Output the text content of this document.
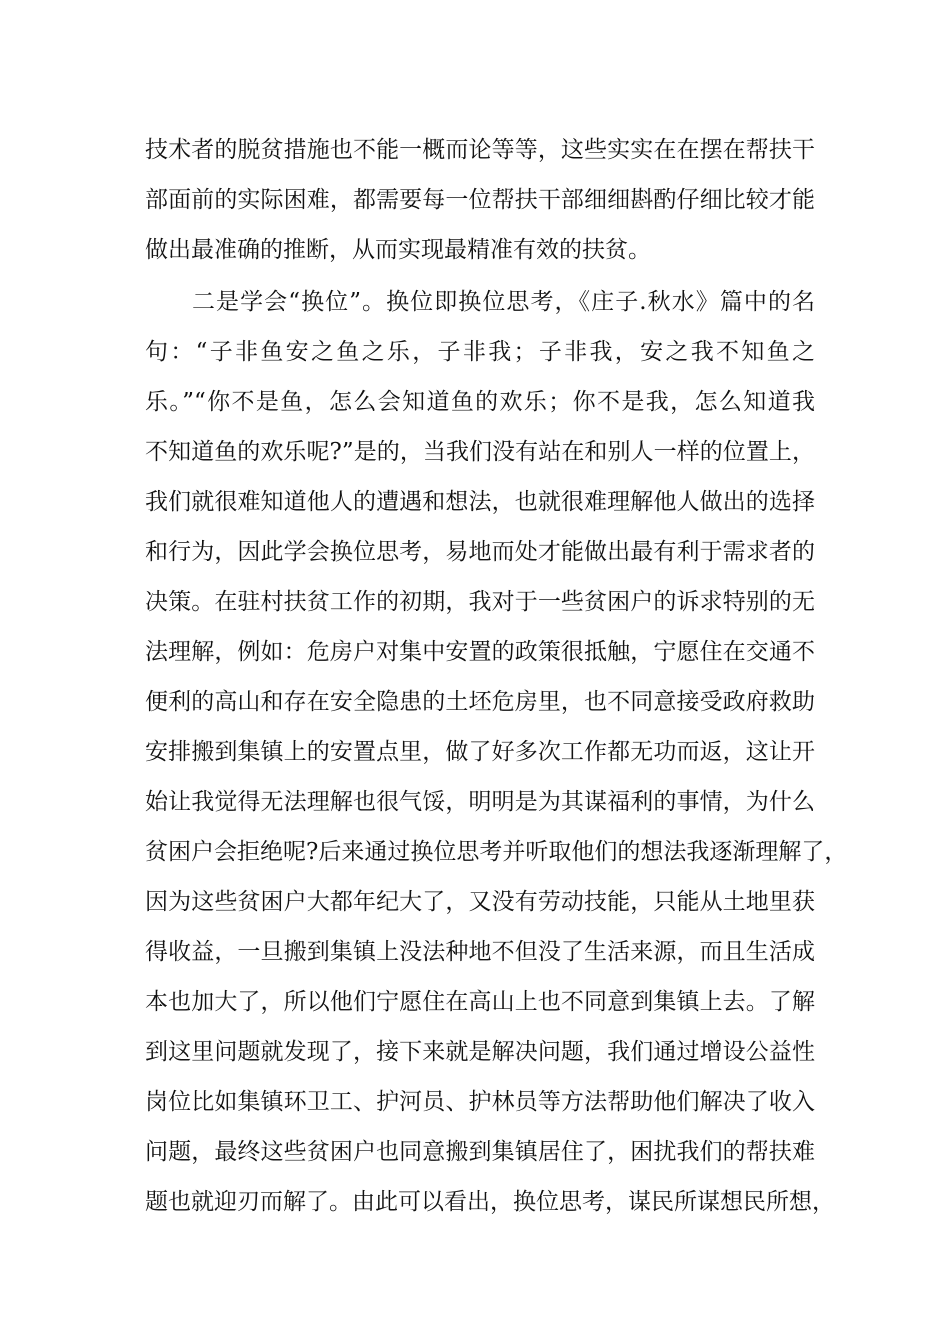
技术者的脱贫措施也不能一概而论等等，这些实实在在摆在帮扶干
部面前的实际困难，都需要每一位帮扶干部细细斟酌仔细比较才能
做出最准确的推断，从而实现最精准有效的扶贫。
二是学会“换位”。换位即换位思考，《庄子.秋水》篇中的名
句：“子非鱼安之鱼之乐，子非我；子非我，安之我不知鱼之
乐。”“你不是鱼，怎么会知道鱼的欢乐；你不是我，怎么知道我
不知道鱼的欢乐呢?”是的，当我们没有站在和别人一样的位置上，
我们就很难知道他人的遭遇和想法，也就很难理解他人做出的选择
和行为，因此学会换位思考，易地而处才能做出最有利于需求者的
决策。在驻村扶贫工作的初期，我对于一些贫困户的诉求特别的无
法理解，例如：危房户对集中安置的政策很抵触，宁愿住在交通不
便利的高山和存在安全隐患的土坯危房里，也不同意接受政府救助
安排搬到集镇上的安置点里，做了好多次工作都无功而返，这让开
始让我觉得无法理解也很气馁，明明是为其谋福利的事情，为什么
贫困户会拒绝呢?后来通过换位思考并听取他们的想法我逐渐理解了，
因为这些贫困户大都年纪大了，又没有劳动技能，只能从土地里获
得收益，一旦搬到集镇上没法种地不但没了生活来源，而且生活成
本也加大了，所以他们宁愿住在高山上也不同意到集镇上去。了解
到这里问题就发现了，接下来就是解决问题，我们通过增设公益性
岗位比如集镇环卫工、护河员、护林员等方法帮助他们解决了收入
问题，最终这些贫困户也同意搬到集镇居住了，困扰我们的帮扶难
题也就迎刃而解了。由此可以看出，换位思考，谋民所谋想民所想，
